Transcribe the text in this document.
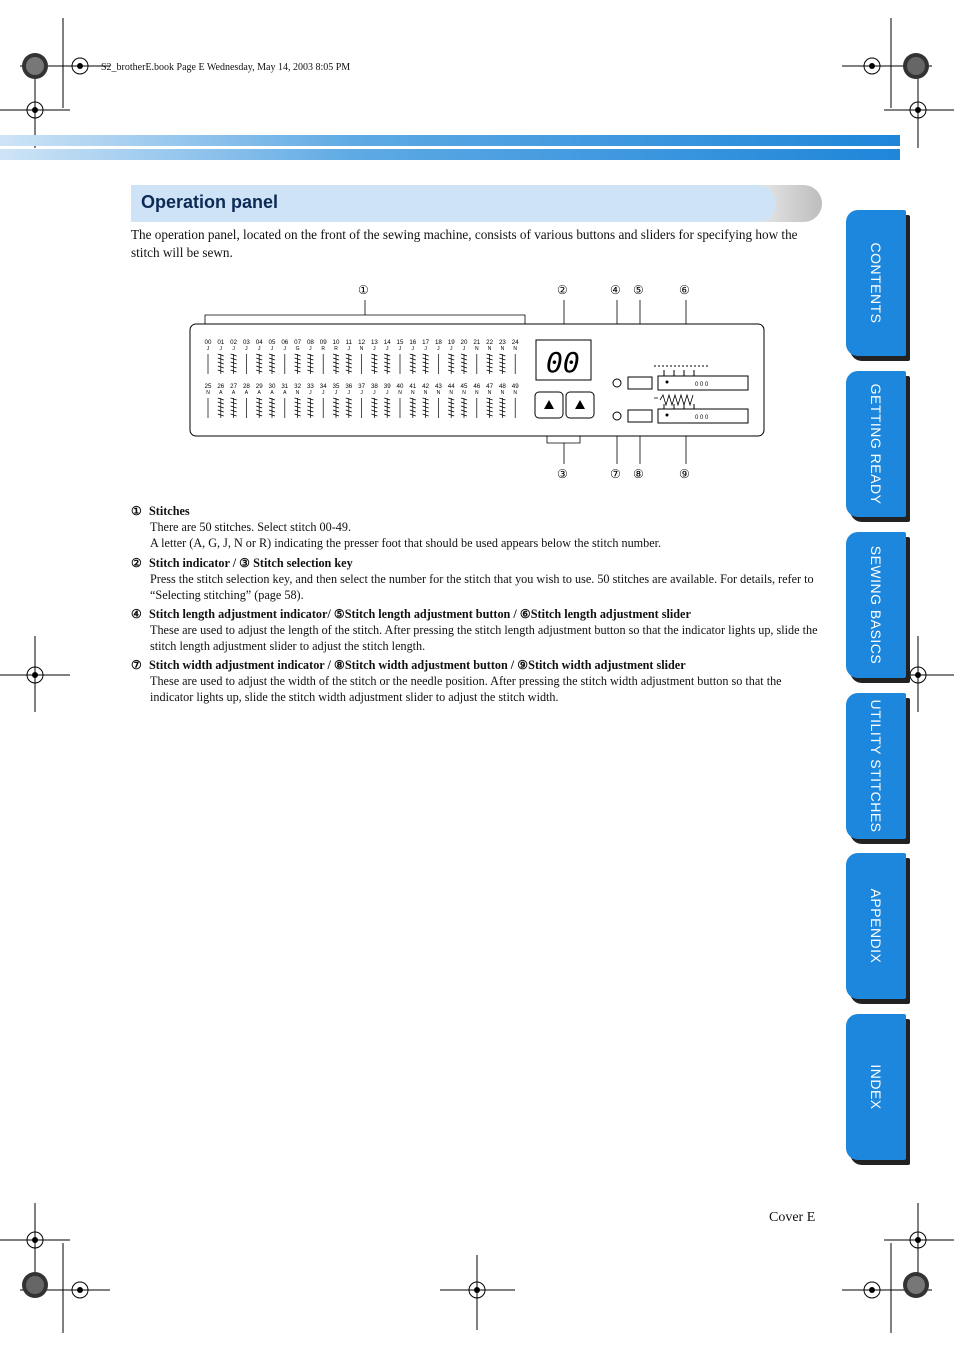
S2_brotherE.book Page E Wednesday, May 14, 2003 8:05 PM
Operation panel
The operation panel, located on the front of the sewing machine, consists of various buttons and sliders for specifying how the stitch will be sewn.
①	②	④ ⑤	⑥
③	⑦ ⑧	⑨
00
J
01
J
02
J
03
J
04
J
05
J
06
J
07
G
08
J
09
R
10
R
11
J
12
N
13
J
14
J
15
J
16
J
17
J
18
J
19
J
20
J
21
N
22
N
23
N
24
N
25
N
26
A
27
A
28
A
29
A
30
A
31
A
32
N
33
J
34
J
35
J
36
J
37
J
38
J
39
J
40
N
41
N
42
N
43
N
44
N
45
N
46
N
47
N
48
N
49
N
00
0 0 0
0 0 0
① Stitches
There are 50 stitches. Select stitch 00-49.
A letter (A, G, J, N or R) indicating the presser foot that should be used appears below the stitch number.
② Stitch indicator / ③ Stitch selection key
Press the stitch selection key, and then select the number for the stitch that you wish to use. 50 stitches are available. For details, refer to “Selecting stitching” (page 58).
④ Stitch length adjustment indicator/ ⑤Stitch length adjustment button / ⑥Stitch length adjustment slider
These are used to adjust the length of the stitch. After pressing the stitch length adjustment button so that the indicator lights up, slide the stitch length adjustment slider to adjust the stitch length.
⑦ Stitch width adjustment indicator / ⑧Stitch width adjustment button / ⑨Stitch width adjustment slider
These are used to adjust the width of the stitch or the needle position. After pressing the stitch width adjustment button so that the indicator lights up, slide the stitch width adjustment slider to adjust the stitch width.
CONTENTS
GETTING READY
SEWING BASICS
UTILITY STITCHES
APPENDIX
INDEX
Cover E
